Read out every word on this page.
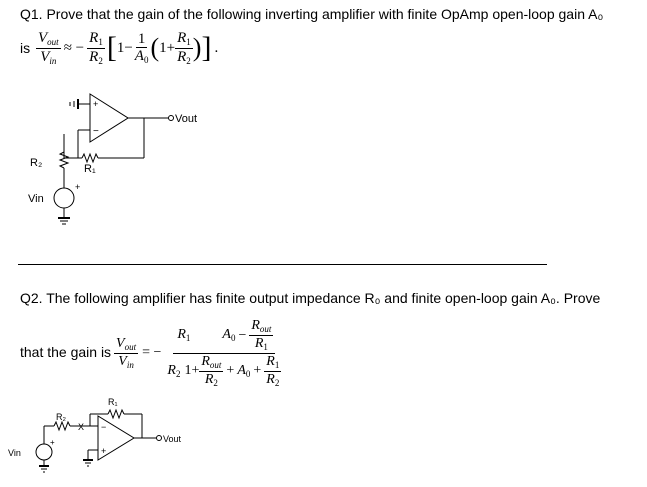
Q1. Prove that the gain of the following inverting amplifier with finite OpAmp open-loop gain A₀
is $\frac{V_{out}}{V_{in}}$ ≈ − $\frac{R_1}{R_2}$ [ $1 - \frac{1}{A_0}$ ( $1 + \frac{R_1}{R_2}$ ) ] .
+
−
Vout
R₁
R₂
Vin
+
Q2. The following amplifier has finite output impedance R₀ and finite open-loop gain A₀. Prove
that the gain is $\frac{V_{out}}{V_{in}}$ = −
$R_1$ $A_0 - \frac{R_{out}}{R_1}$
$R_2$ $1 + \frac{R_{out}}{R_2} + A_0 + \frac{R_1}{R_2}$
−
+
Vout
R₁
R₂
X
Vin
+
